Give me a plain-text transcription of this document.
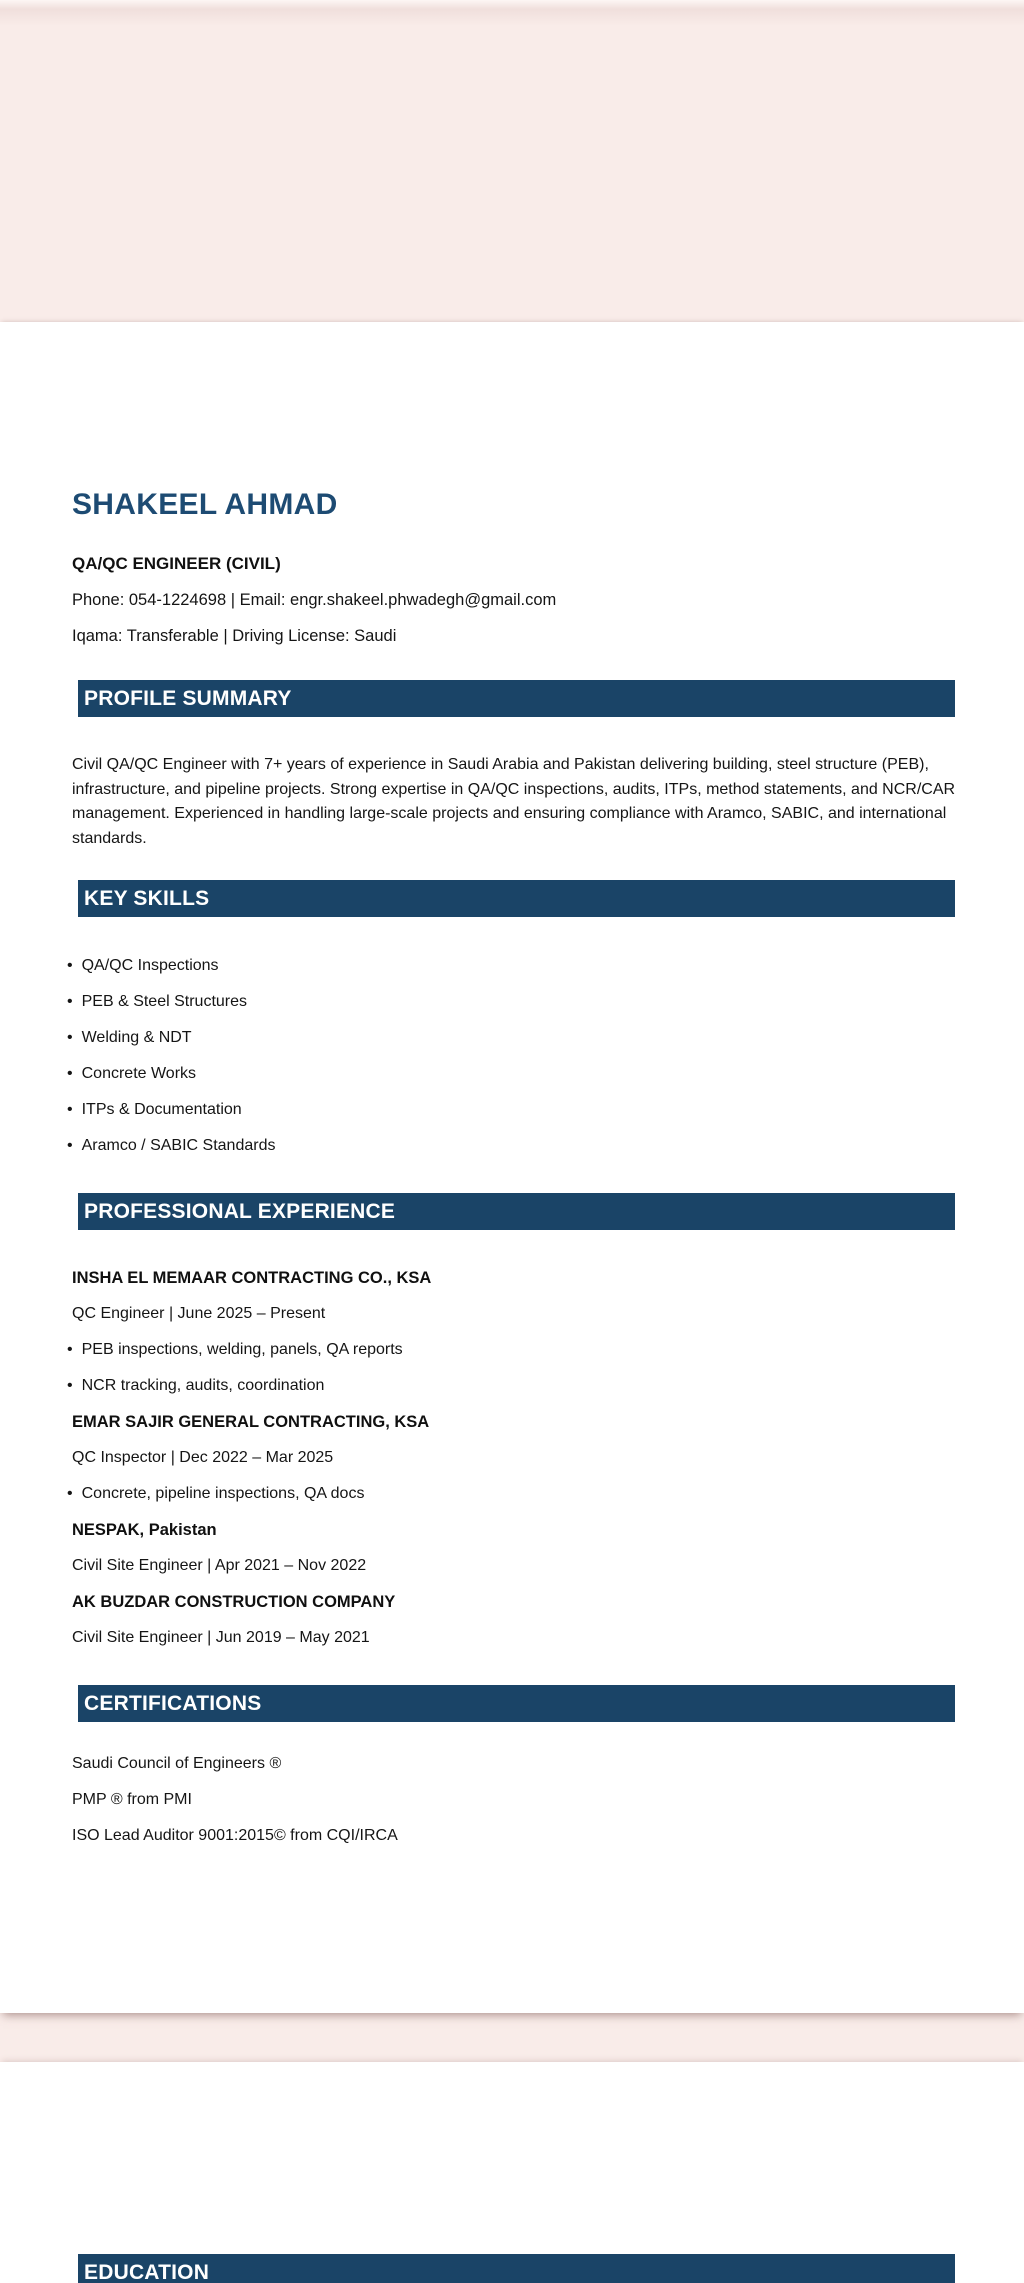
SHAKEEL AHMAD
QA/QC ENGINEER (CIVIL)
Phone: 054-1224698 | Email: engr.shakeel.phwadegh@gmail.com
Iqama: Transferable | Driving License: Saudi
PROFILE SUMMARY

Civil QA/QC Engineer with 7+ years of experience in Saudi Arabia and Pakistan delivering building, steel structure (PEB), infrastructure, and pipeline projects. Strong expertise in QA/QC inspections, audits, ITPs, method statements, and NCR/CAR management. Experienced in handling large-scale projects and ensuring compliance with Aramco, SABIC, and international standards.

KEY SKILLS
• QA/QC Inspections
• PEB & Steel Structures
• Welding & NDT
• Concrete Works
• ITPs & Documentation
• Aramco / SABIC Standards
PROFESSIONAL EXPERIENCE
INSHA EL MEMAAR CONTRACTING CO., KSA
QC Engineer | June 2025 – Present
• PEB inspections, welding, panels, QA reports
• NCR tracking, audits, coordination
EMAR SAJIR GENERAL CONTRACTING, KSA
QC Inspector | Dec 2022 – Mar 2025
• Concrete, pipeline inspections, QA docs
NESPAK, Pakistan
Civil Site Engineer | Apr 2021 – Nov 2022
AK BUZDAR CONSTRUCTION COMPANY
Civil Site Engineer | Jun 2019 – May 2021
CERTIFICATIONS
Saudi Council of Engineers ®
PMP ® from PMI
ISO Lead Auditor 9001:2015© from CQI/IRCA
EDUCATION
